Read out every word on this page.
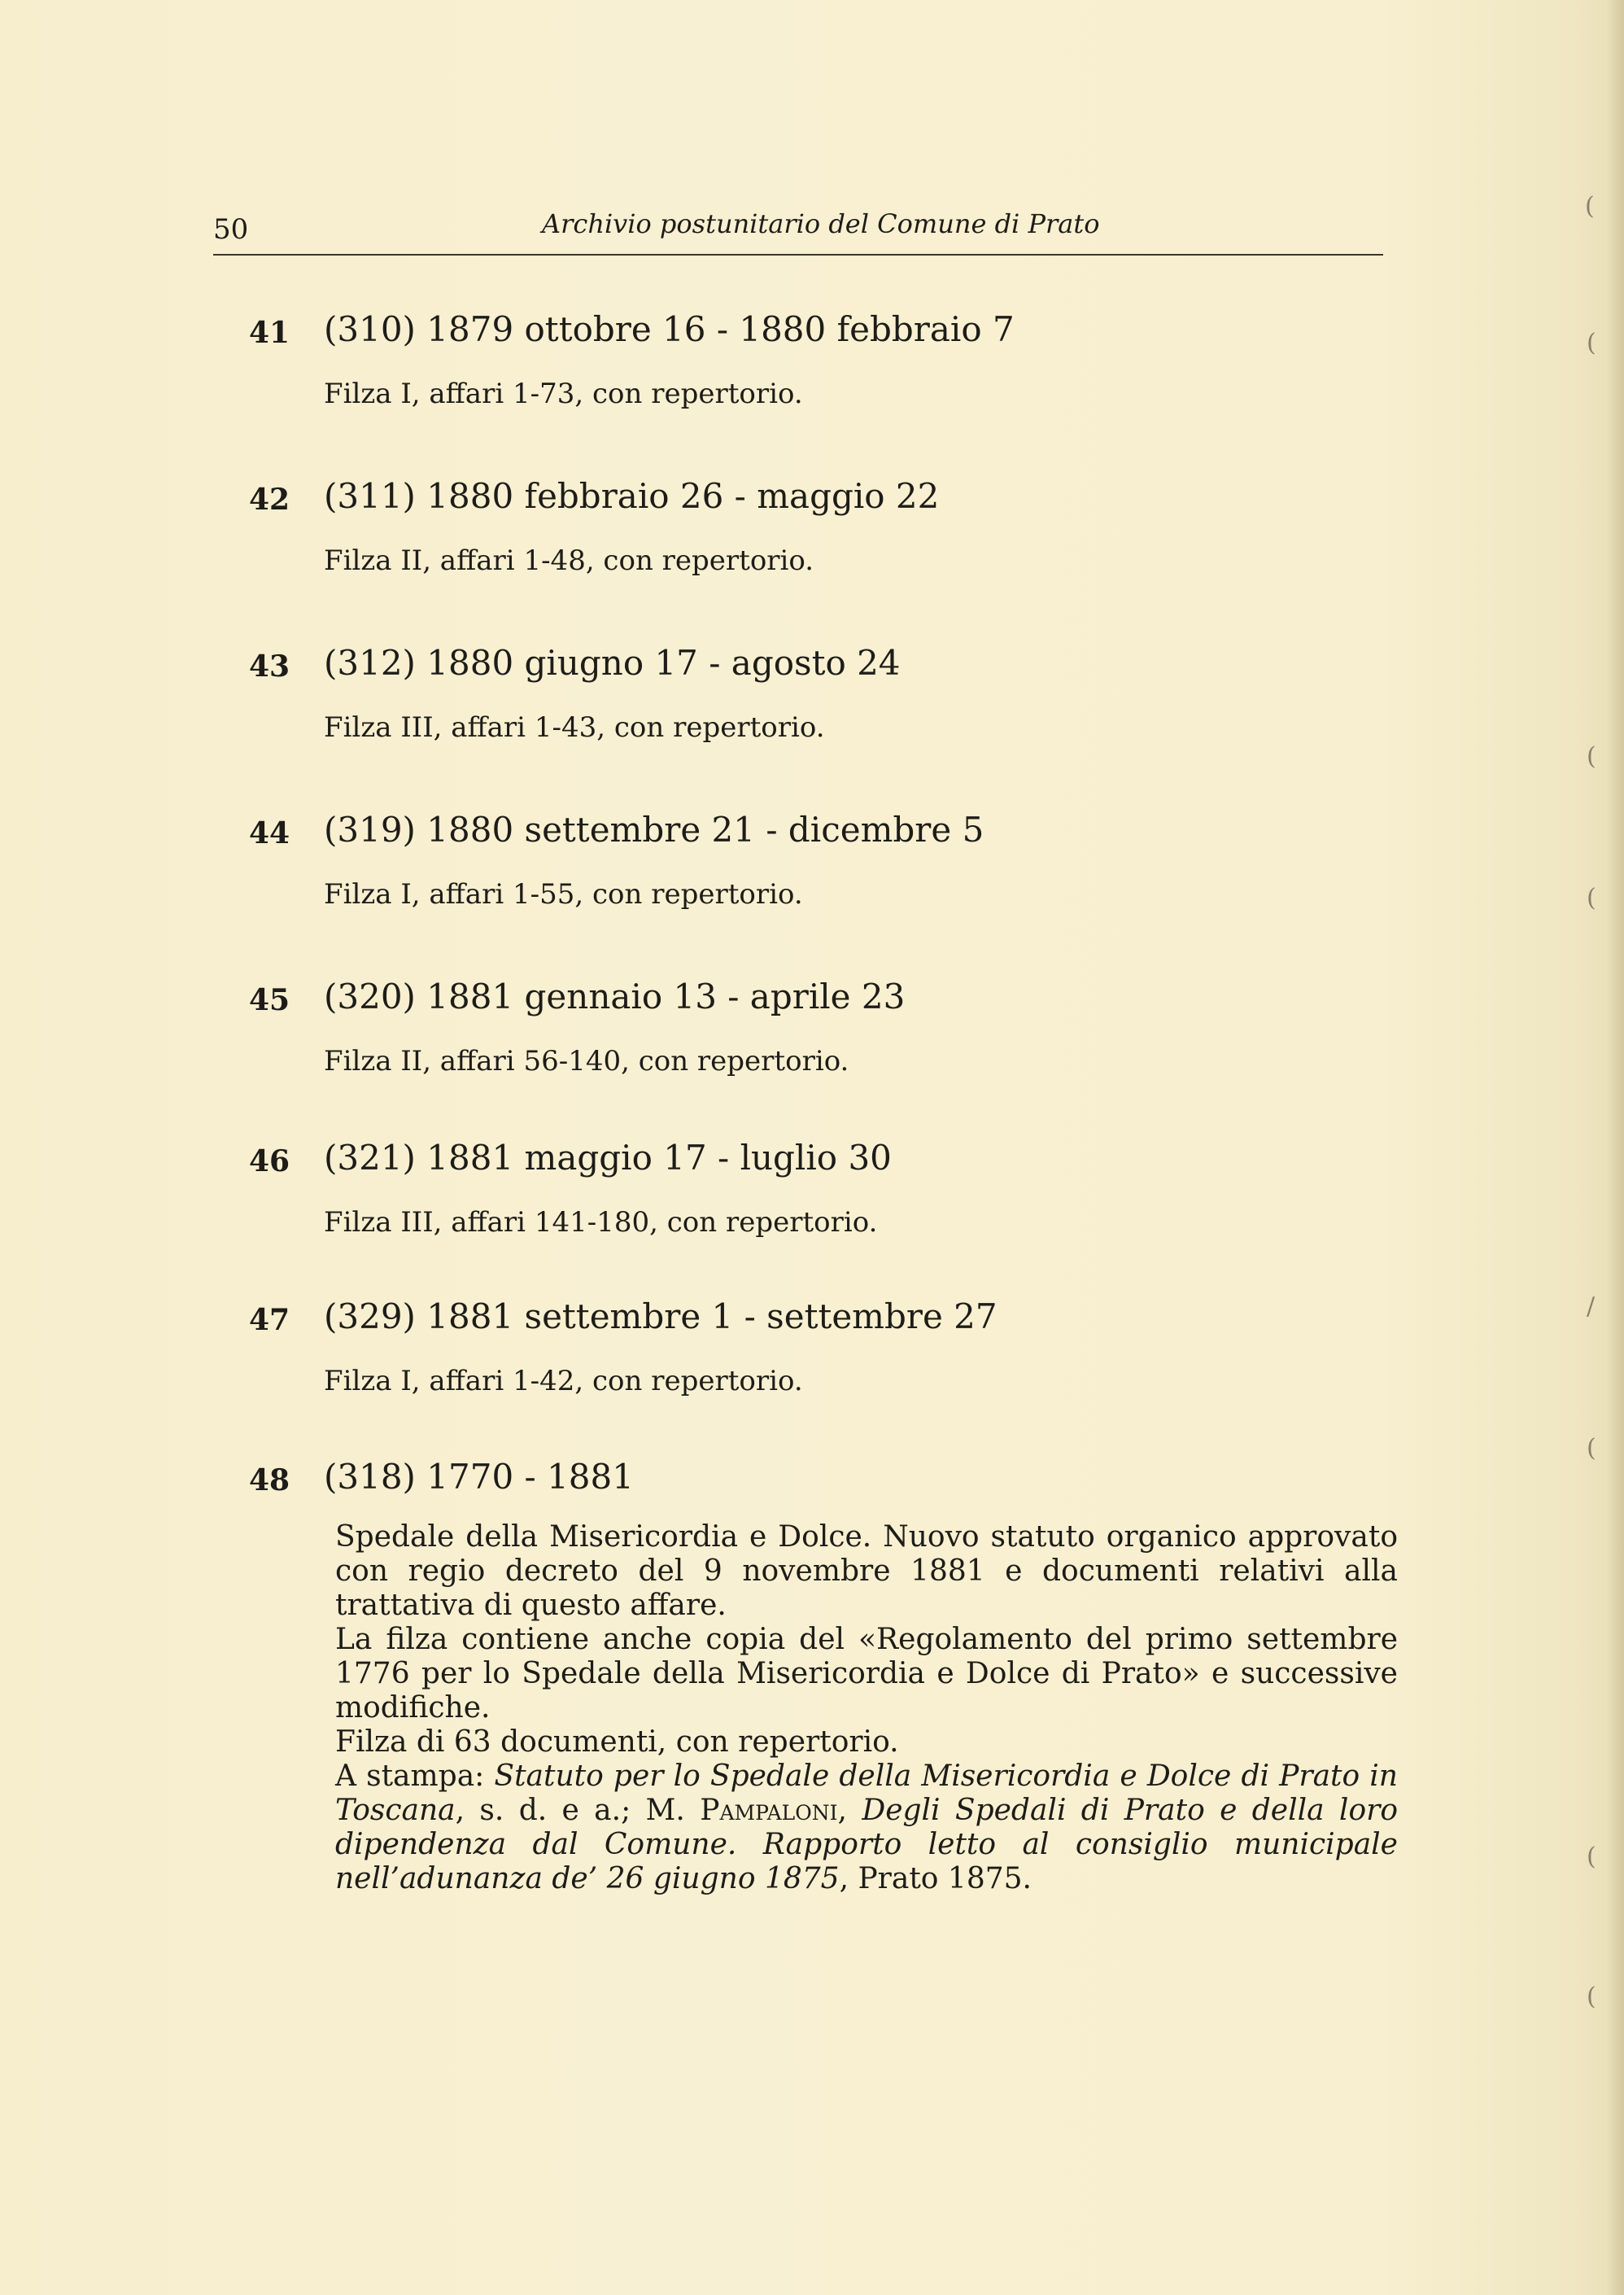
50	Archivio postunitario del Comune di Prato
41 (310) 1879 ottobre 16 - 1880 febbraio 7
Filza I, affari 1-73, con repertorio.
42 (311) 1880 febbraio 26 - maggio 22
Filza II, affari 1-48, con repertorio.
43 (312) 1880 giugno 17 - agosto 24
Filza III, affari 1-43, con repertorio.
44 (319) 1880 settembre 21 - dicembre 5
Filza I, affari 1-55, con repertorio.
45 (320) 1881 gennaio 13 - aprile 23
Filza II, affari 56-140, con repertorio.
46 (321) 1881 maggio 17 - luglio 30
Filza III, affari 141-180, con repertorio.
47 (329) 1881 settembre 1 - settembre 27
Filza I, affari 1-42, con repertorio.
48 (318) 1770 - 1881

Spedale della Misericordia e Dolce. Nuovo statuto organico approvato con regio decreto del 9 novembre 1881 e documenti relativi alla trattativa di questo affare.

La filza contiene anche copia del «Regolamento del primo settembre 1776 per lo Spedale della Misericordia e Dolce di Prato» e successive modifiche.

Filza di 63 documenti, con repertorio.

A stampa: Statuto per lo Spedale della Misericordia e Dolce di Prato in Toscana, s. d. e a.; M. Pampaloni, Degli Spedali di Prato e della loro dipendenza dal Comune. Rapporto letto al consiglio municipale nell’adunanza de’ 26 giugno 1875, Prato 1875.

(
(
(
(
/
(
(
(
